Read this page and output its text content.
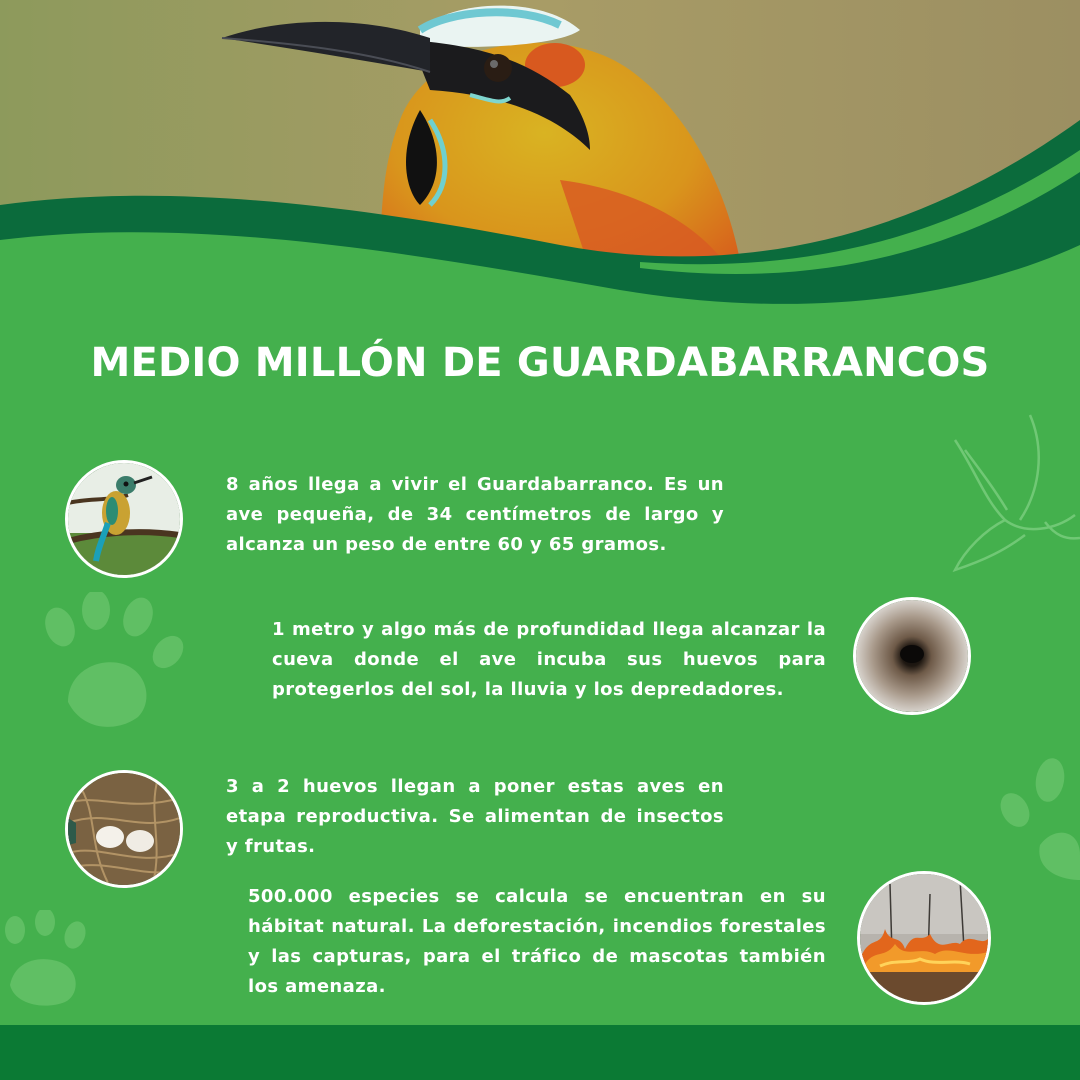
MEDIO MILLÓN DE GUARDABARRANCOS

8 años llega a vivir el Guardabarranco. Es un ave pequeña, de 34 centímetros de largo y alcanza un peso de entre 60 y 65 gramos.

1 metro y algo más de profundidad llega alcanzar la cueva donde el ave incuba sus huevos para protegerlos del sol, la lluvia y los depredadores.

3 a 2 huevos llegan a poner estas aves en etapa reproductiva. Se alimentan de insectos y frutas.

500.000 especies se calcula se encuentran en su hábitat natural. La deforestación, incendios forestales y las capturas, para el tráfico de mascotas también los amenaza.
